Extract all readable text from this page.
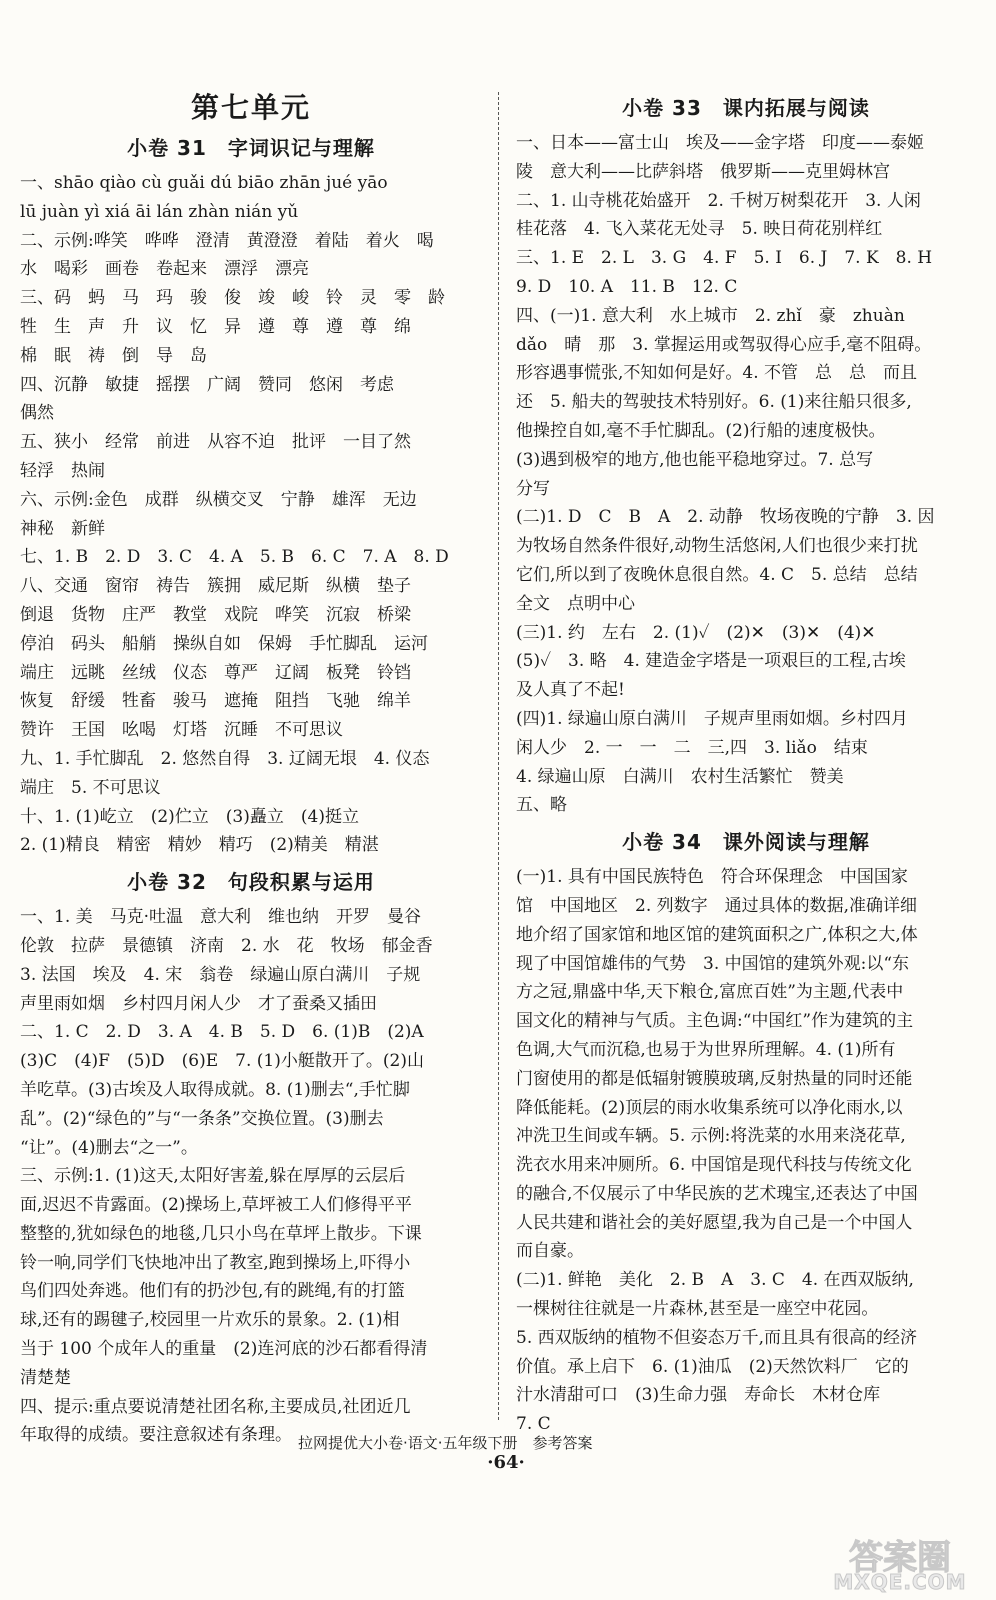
第七单元
小卷 31　字词识记与理解
一、shāo qiào cù guǎi dú biāo zhān jué yāo
lū juàn yì xiá āi lán zhàn nián yǔ
二、示例:哗笑　哗哗　澄清　黄澄澄　着陆　着火　喝
水　喝彩　画卷　卷起来　漂浮　漂亮
三、码　蚂　马　玛　骏　俊　竣　峻　铃　灵　零　龄
牲　生　声　升　议　忆　异　遵　尊　遵　尊　绵
棉　眠　祷　倒　导　岛
四、沉静　敏捷　摇摆　广阔　赞同　悠闲　考虑
偶然
五、狭小　经常　前进　从容不迫　批评　一目了然
轻浮　热闹
六、示例:金色　成群　纵横交叉　宁静　雄浑　无边
神秘　新鲜
七、1. B　2. D　3. C　4. A　5. B　6. C　7. A　8. D
八、交通　窗帘　祷告　簇拥　威尼斯　纵横　垫子
倒退　货物　庄严　教堂　戏院　哗笑　沉寂　桥梁
停泊　码头　船艄　操纵自如　保姆　手忙脚乱　运河
端庄　远眺　丝绒　仪态　尊严　辽阔　板凳　铃铛
恢复　舒缓　牲畜　骏马　遮掩　阻挡　飞驰　绵羊
赞许　王国　吆喝　灯塔　沉睡　不可思议
九、1. 手忙脚乱　2. 悠然自得　3. 辽阔无垠　4. 仪态
端庄　5. 不可思议
十、1. (1)屹立　(2)伫立　(3)矗立　(4)挺立
2. (1)精良　精密　精妙　精巧　(2)精美　精湛
小卷 32　句段积累与运用
一、1. 美　马克·吐温　意大利　维也纳　开罗　曼谷
伦敦　拉萨　景德镇　济南　2. 水　花　牧场　郁金香
3. 法国　埃及　4. 宋　翁卷　绿遍山原白满川　子规
声里雨如烟　乡村四月闲人少　才了蚕桑又插田
二、1. C　2. D　3. A　4. B　5. D　6. (1)B　(2)A
(3)C　(4)F　(5)D　(6)E　7. (1)小艇散开了。(2)山
羊吃草。(3)古埃及人取得成就。8. (1)删去“,手忙脚
乱”。(2)“绿色的”与“一条条”交换位置。(3)删去
“让”。(4)删去“之一”。
三、示例:1. (1)这天,太阳好害羞,躲在厚厚的云层后
面,迟迟不肯露面。(2)操场上,草坪被工人们修得平平
整整的,犹如绿色的地毯,几只小鸟在草坪上散步。下课
铃一响,同学们飞快地冲出了教室,跑到操场上,吓得小
鸟们四处奔逃。他们有的扔沙包,有的跳绳,有的打篮
球,还有的踢毽子,校园里一片欢乐的景象。2. (1)相
当于 100 个成年人的重量　(2)连河底的沙石都看得清
清楚楚
四、提示:重点要说清楚社团名称,主要成员,社团近几
年取得的成绩。要注意叙述有条理。
小卷 33　课内拓展与阅读
一、日本——富士山　埃及——金字塔　印度——泰姬
陵　意大利——比萨斜塔　俄罗斯——克里姆林宫
二、1. 山寺桃花始盛开　2. 千树万树梨花开　3. 人闲
桂花落　4. 飞入菜花无处寻　5. 映日荷花别样红
三、1. E　2. L　3. G　4. F　5. I　6. J　7. K　8. H
9. D　10. A　11. B　12. C
四、(一)1. 意大利　水上城市　2. zhǐ　豪　zhuàn
dǎo　晴　那　3. 掌握运用或驾驭得心应手,毫不阻碍。
形容遇事慌张,不知如何是好。4. 不管　总　总　而且
还　5. 船夫的驾驶技术特别好。6. (1)来往船只很多,
他操控自如,毫不手忙脚乱。(2)行船的速度极快。
(3)遇到极窄的地方,他也能平稳地穿过。7. 总写
分写
(二)1. D　C　B　A　2. 动静　牧场夜晚的宁静　3. 因
为牧场自然条件很好,动物生活悠闲,人们也很少来打扰
它们,所以到了夜晚休息很自然。4. C　5. 总结　总结
全文　点明中心
(三)1. 约　左右　2. (1)✓　(2)✕　(3)✕　(4)✕
(5)✓　3. 略　4. 建造金字塔是一项艰巨的工程,古埃
及人真了不起!
(四)1. 绿遍山原白满川　子规声里雨如烟。乡村四月
闲人少　2. 一　一　二　三,四　3. liǎo　结束
4. 绿遍山原　白满川　农村生活繁忙　赞美
五、略
小卷 34　课外阅读与理解
(一)1. 具有中国民族特色　符合环保理念　中国国家
馆　中国地区　2. 列数字　通过具体的数据,准确详细
地介绍了国家馆和地区馆的建筑面积之广,体积之大,体
现了中国馆雄伟的气势　3. 中国馆的建筑外观:以“东
方之冠,鼎盛中华,天下粮仓,富庶百姓”为主题,代表中
国文化的精神与气质。主色调:“中国红”作为建筑的主
色调,大气而沉稳,也易于为世界所理解。4. (1)所有
门窗使用的都是低辐射镀膜玻璃,反射热量的同时还能
降低能耗。(2)顶层的雨水收集系统可以净化雨水,以
冲洗卫生间或车辆。5. 示例:将洗菜的水用来浇花草,
洗衣水用来冲厕所。6. 中国馆是现代科技与传统文化
的融合,不仅展示了中华民族的艺术瑰宝,还表达了中国
人民共建和谐社会的美好愿望,我为自己是一个中国人
而自豪。
(二)1. 鲜艳　美化　2. B　A　3. C　4. 在西双版纳,
一棵树往往就是一片森林,甚至是一座空中花园。
5. 西双版纳的植物不但姿态万千,而且具有很高的经济
价值。承上启下　6. (1)油瓜　(2)天然饮料厂　它的
汁水清甜可口　(3)生命力强　寿命长　木材仓库
7. C
拉网提优大小卷·语文·五年级下册　参考答案
·64·
答案圈
MXQE.COM
